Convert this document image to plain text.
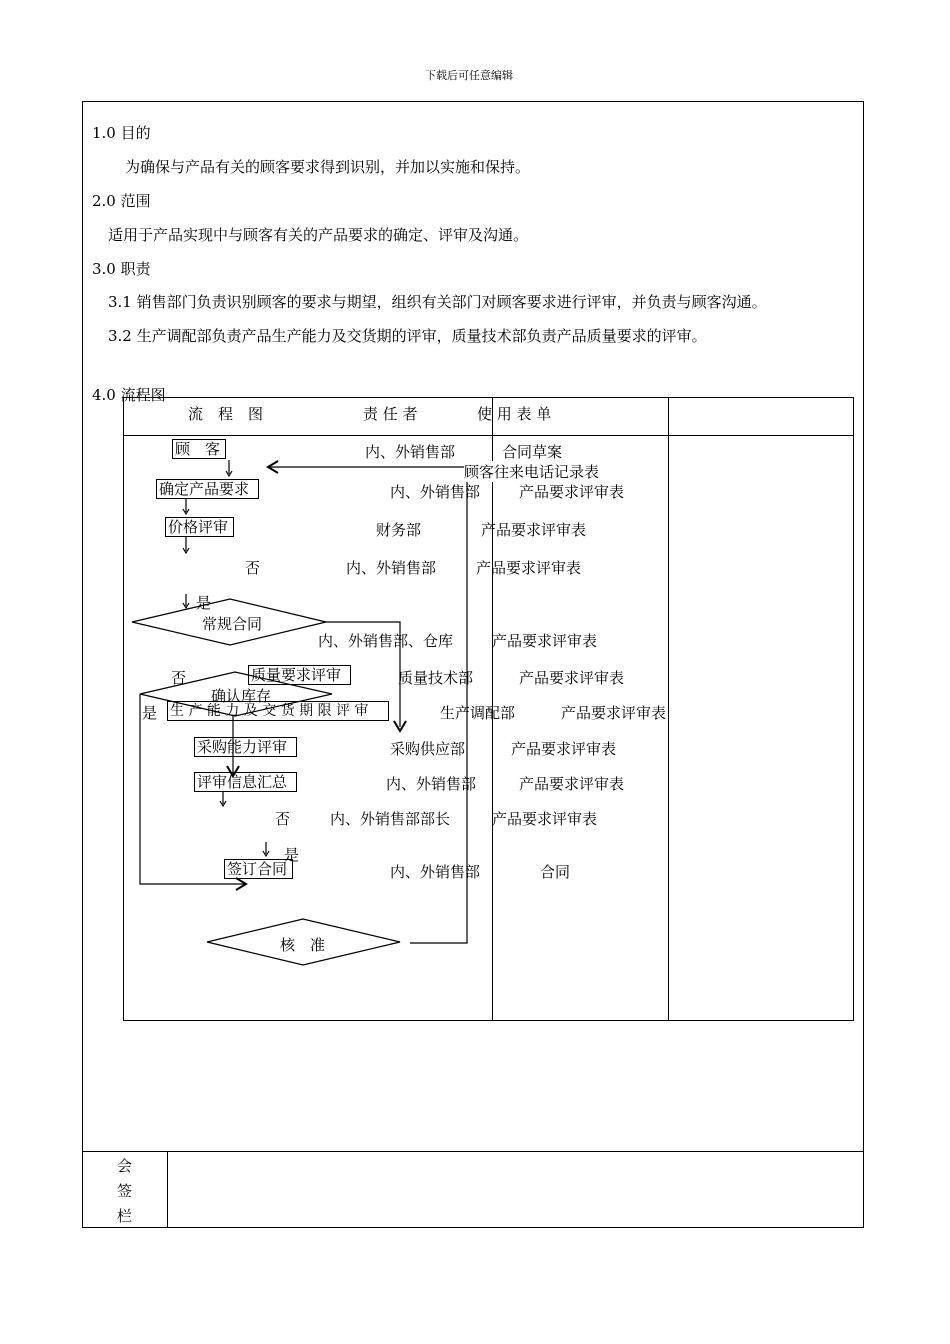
下载后可任意编辑
会
签
栏
1.0 目的
为确保与产品有关的顾客要求得到识别，并加以实施和保持。
2.0 范围
适用于产品实现中与顾客有关的产品要求的确定、评审及沟通。
3.0 职责
3.1 销售部门负责识别顾客的要求与期望，组织有关部门对顾客要求进行评审，并负责与顾客沟通。
3.2 生产调配部负责产品生产能力及交货期的评审，质量技术部负责产品质量要求的评审。
4.0 流程图
流　程　图	责 任 者	使 用 表 单
顾　客
确定产品要求
价格评审
常规合同
质量要求评审
确认库存
生 产 能 力 及 交 货 期 限 评 审
采购能力评审
评审信息汇总
签订合同
核　准
否
是
否
是
否
是
内、外销售部	合同草案
顾客往来电话记录表
内、外销售部	产品要求评审表
财务部	产品要求评审表
内、外销售部	产品要求评审表
内、外销售部、仓库	产品要求评审表
质量技术部	产品要求评审表
生产调配部	产品要求评审表
采购供应部	产品要求评审表
内、外销售部	产品要求评审表
内、外销售部部长	产品要求评审表
内、外销售部	合同
